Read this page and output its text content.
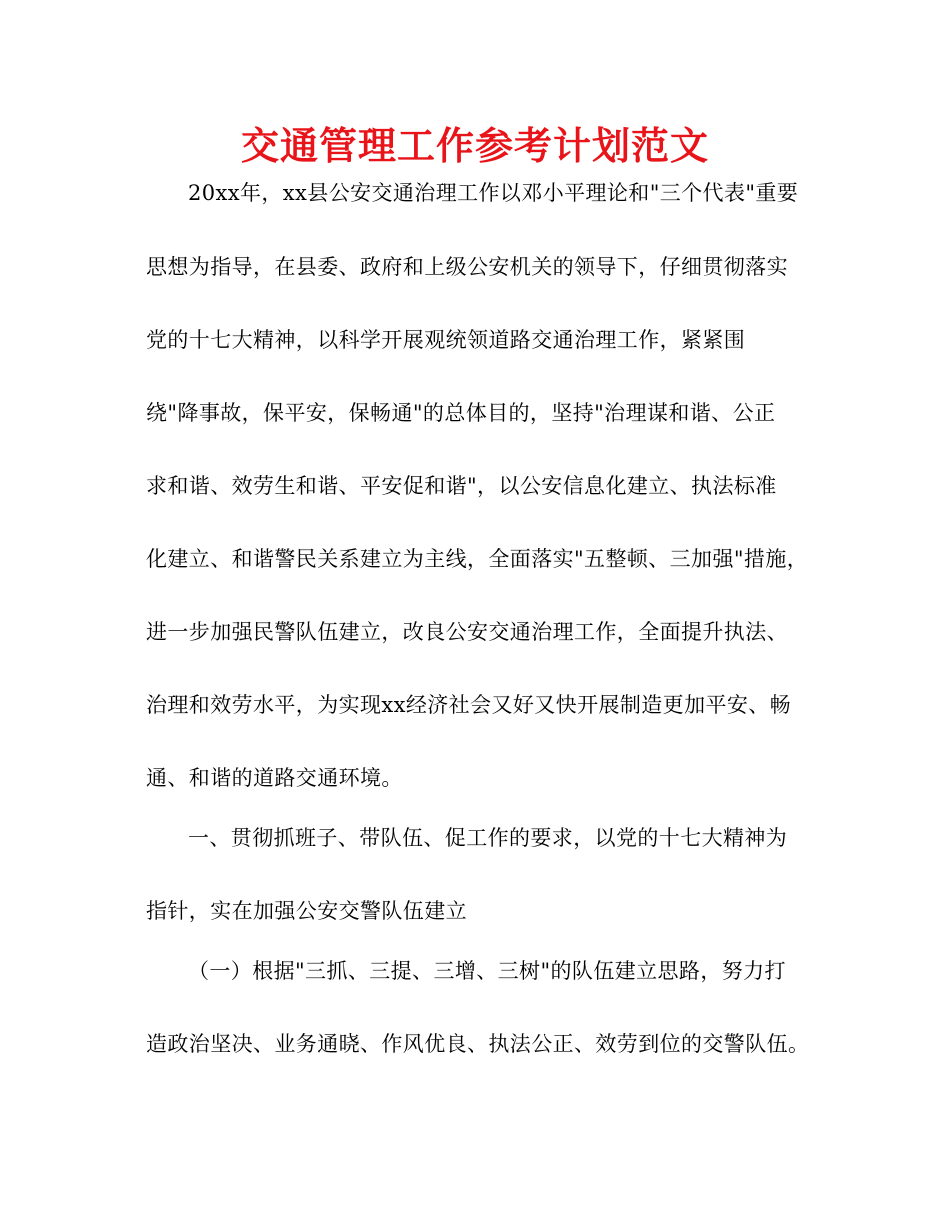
交通管理工作参考计划范文

20xx年，xx县公安交通治理工作以邓小平理论和"三个代表"重要

思想为指导，在县委、政府和上级公安机关的领导下，仔细贯彻落实

党的十七大精神，以科学开展观统领道路交通治理工作，紧紧围

绕"降事故，保平安，保畅通"的总体目的，坚持"治理谋和谐、公正

求和谐、效劳生和谐、平安促和谐"，以公安信息化建立、执法标准

化建立、和谐警民关系建立为主线，全面落实"五整顿、三加强"措施，

进一步加强民警队伍建立，改良公安交通治理工作，全面提升执法、

治理和效劳水平，为实现xx经济社会又好又快开展制造更加平安、畅

通、和谐的道路交通环境。

一、贯彻抓班子、带队伍、促工作的要求，以党的十七大精神为

指针，实在加强公安交警队伍建立

（一）根据"三抓、三提、三增、三树"的队伍建立思路，努力打

造政治坚决、业务通晓、作风优良、执法公正、效劳到位的交警队伍。
